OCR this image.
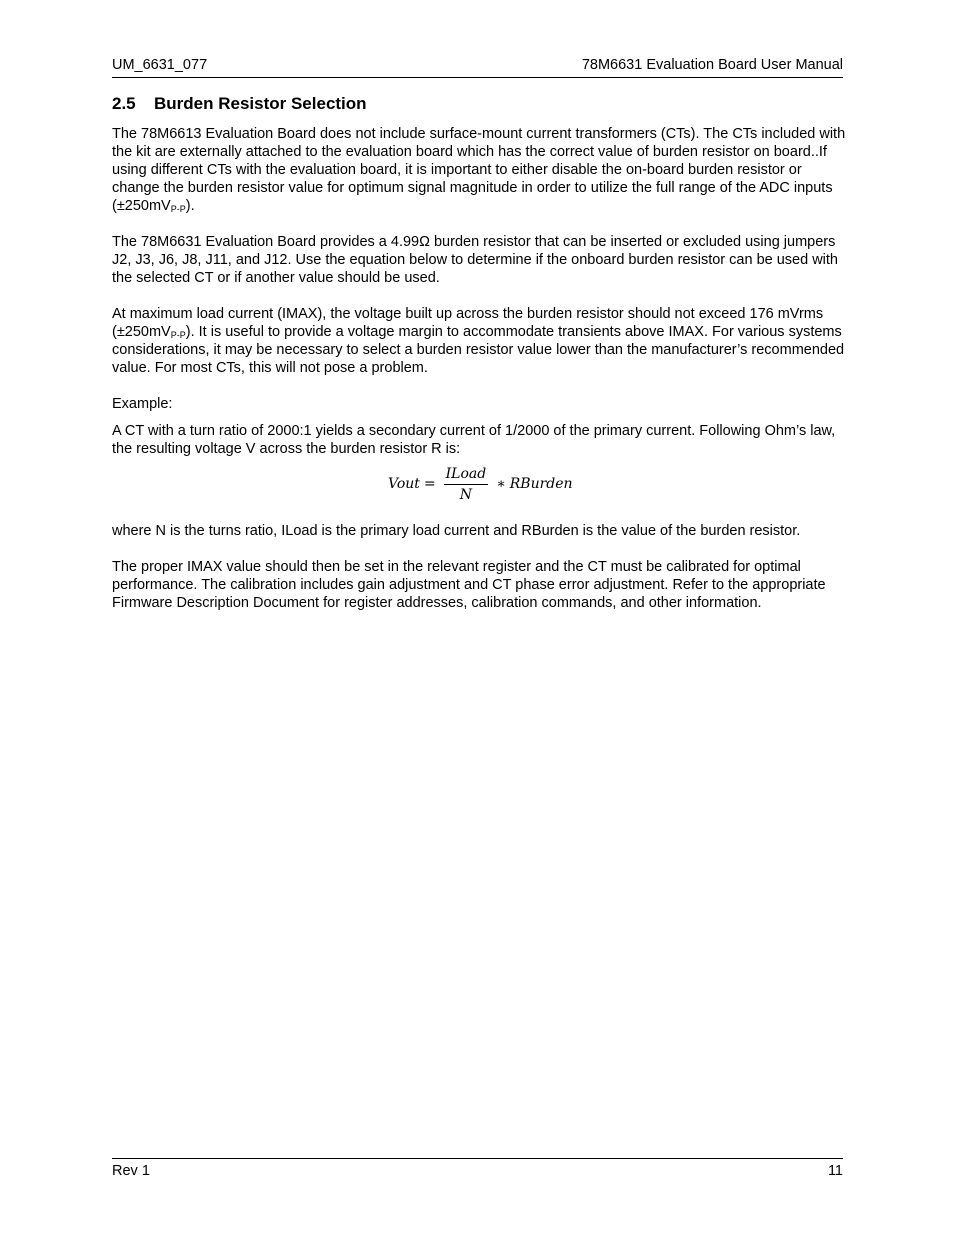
UM_6631_077	78M6631 Evaluation Board User Manual
2.5 Burden Resistor Selection

The 78M6613 Evaluation Board does not include surface-mount current transformers (CTs). The CTs included with the kit are externally attached to the evaluation board which has the correct value of burden resistor on board..If using different CTs with the evaluation board, it is important to either disable the on-board burden resistor or change the burden resistor value for optimum signal magnitude in order to utilize the full range of the ADC inputs $(\pm 250mV_{P-P})$.

The 78M6631 Evaluation Board provides a 4.99Ω burden resistor that can be inserted or excluded using jumpers J2, J3, J6, J8, J11, and J12. Use the equation below to determine if the onboard burden resistor can be used with the selected CT or if another value should be used.

At maximum load current (IMAX), the voltage built up across the burden resistor should not exceed 176 mVrms $(\pm 250mV_{P-P})$. It is useful to provide a voltage margin to accommodate transients above IMAX. For various systems considerations, it may be necessary to select a burden resistor value lower than the manufacturer’s recommended value. For most CTs, this will not pose a problem.

Example:

A CT with a turn ratio of 2000:1 yields a secondary current of 1/2000 of the primary current. Following Ohm’s law, the resulting voltage V across the burden resistor R is:

Vout = $\frac{\text{ILoad}}{N}$ ∗ RBurden

where N is the turns ratio, ILoad is the primary load current and RBurden is the value of the burden resistor.

The proper IMAX value should then be set in the relevant register and the CT must be calibrated for optimal performance. The calibration includes gain adjustment and CT phase error adjustment. Refer to the appropriate Firmware Description Document for register addresses, calibration commands, and other information.

Rev 1	11
